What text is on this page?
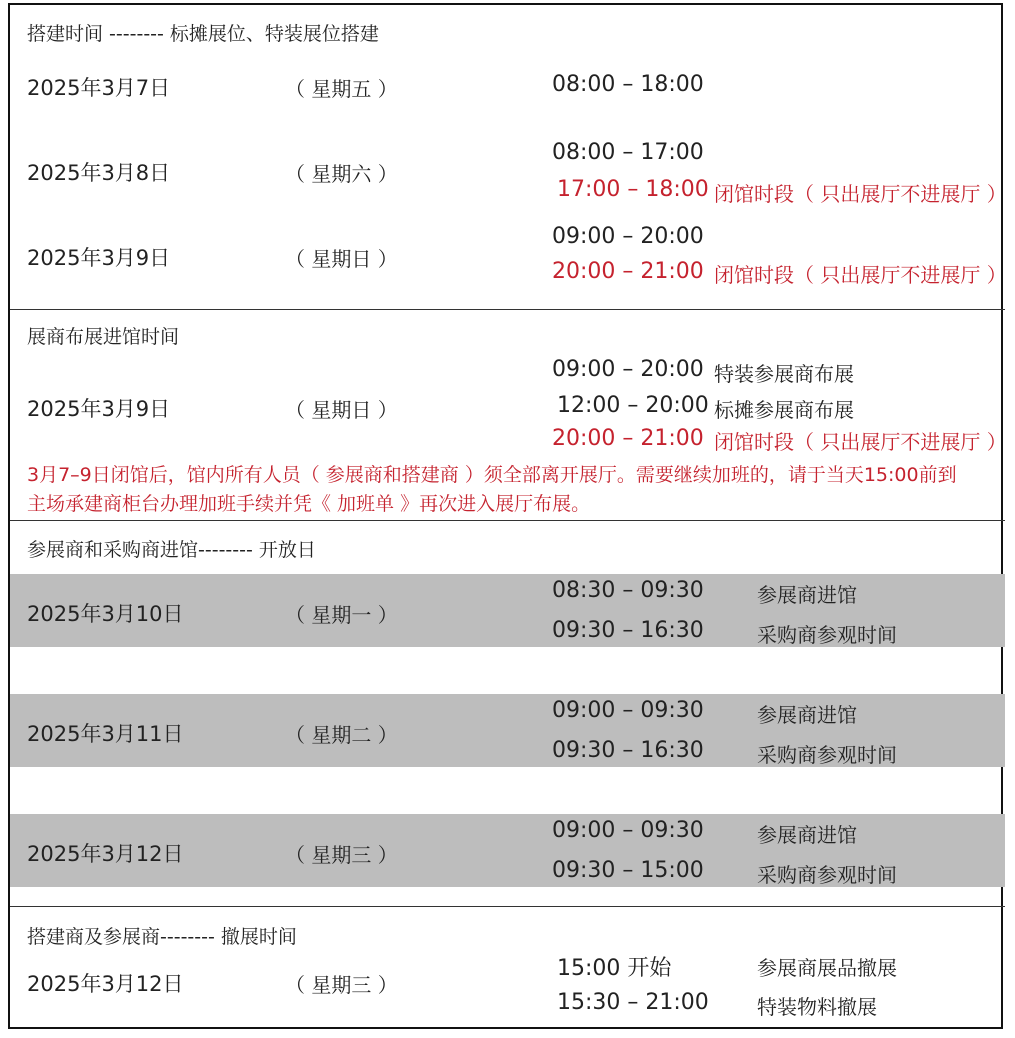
搭建时间 -------- 标摊展位、特装展位搭建
2025年3月7日	（ 星期五 ）	08:00 – 18:00
2025年3月8日	（ 星期六 ）
08:00 – 17:00
17:00 – 18:00 闭馆时段（ 只出展厅不进展厅 ）
2025年3月9日	（ 星期日 ）
09:00 – 20:00
20:00 – 21:00 闭馆时段（ 只出展厅不进展厅 ）
展商布展进馆时间
2025年3月9日	（ 星期日 ）
09:00 – 20:00 特装参展商布展
12:00 – 20:00 标摊参展商布展
20:00 – 21:00 闭馆时段（ 只出展厅不进展厅 ）
3月7–9日闭馆后，馆内所有人员（ 参展商和搭建商 ）须全部离开展厅。需要继续加班的，请于当天15:00前到
主场承建商柜台办理加班手续并凭《 加班单 》再次进入展厅布展。
参展商和采购商进馆-------- 开放日
2025年3月10日	（ 星期一 ）
08:30 – 09:30	参展商进馆
09:30 – 16:30	采购商参观时间
2025年3月11日	（ 星期二 ）
09:00 – 09:30	参展商进馆
09:30 – 16:30	采购商参观时间
2025年3月12日	（ 星期三 ）
09:00 – 09:30	参展商进馆
09:30 – 15:00	采购商参观时间
搭建商及参展商-------- 撤展时间
2025年3月12日	（ 星期三 ）
15:00 开始	参展商展品撤展
15:30 – 21:00 特装物料撤展
